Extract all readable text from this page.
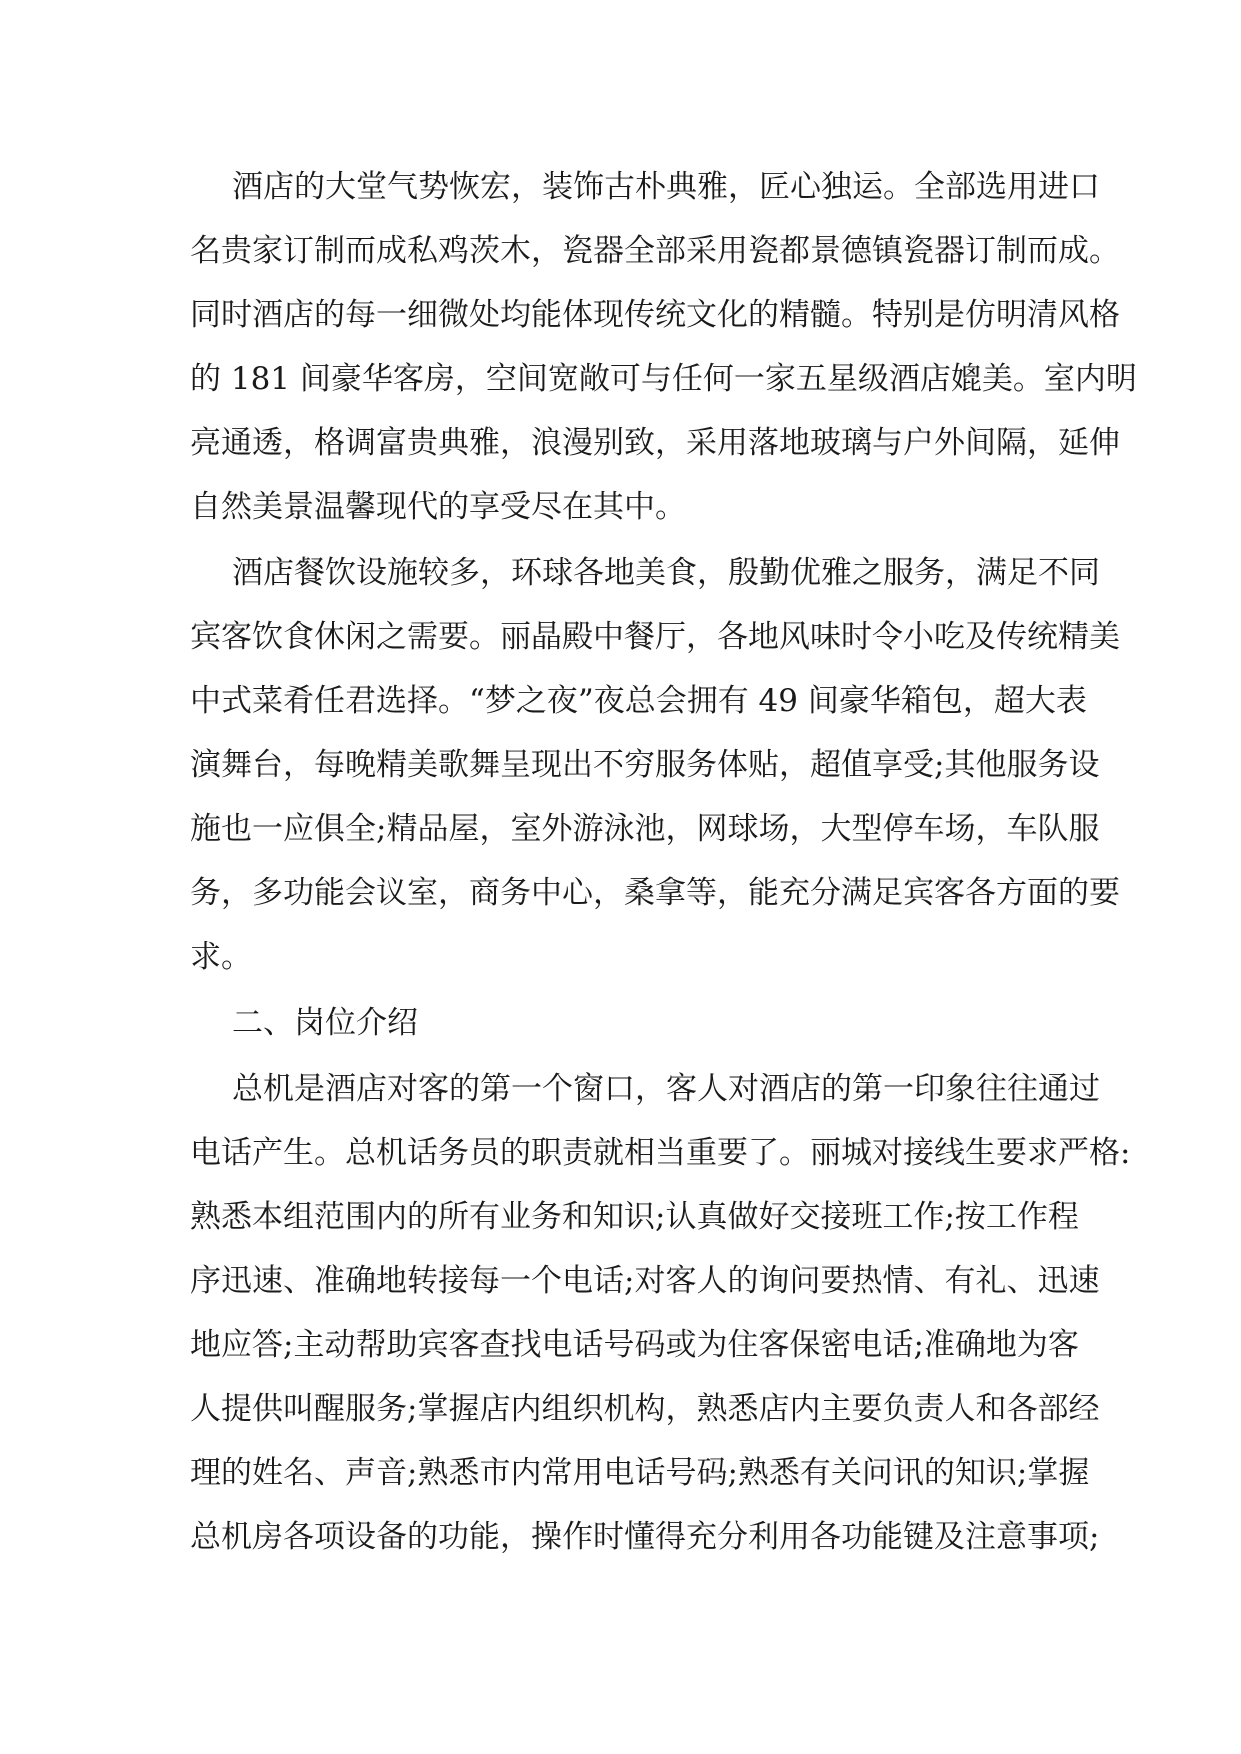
酒店的大堂气势恢宏，装饰古朴典雅，匠心独运。全部选用进口
名贵家订制而成私鸡茨木，瓷器全部采用瓷都景德镇瓷器订制而成。
同时酒店的每一细微处均能体现传统文化的精髓。特别是仿明清风格
的 181 间豪华客房，空间宽敞可与任何一家五星级酒店媲美。室内明
亮通透，格调富贵典雅，浪漫别致，采用落地玻璃与户外间隔，延伸
自然美景温馨现代的享受尽在其中。
酒店餐饮设施较多，环球各地美食，殷勤优雅之服务，满足不同
宾客饮食休闲之需要。丽晶殿中餐厅，各地风味时令小吃及传统精美
中式菜肴任君选择。“梦之夜”夜总会拥有 49 间豪华箱包，超大表
演舞台，每晚精美歌舞呈现出不穷服务体贴，超值享受;其他服务设
施也一应俱全;精品屋，室外游泳池，网球场，大型停车场，车队服
务，多功能会议室，商务中心，桑拿等，能充分满足宾客各方面的要
求。
二、岗位介绍
总机是酒店对客的第一个窗口，客人对酒店的第一印象往往通过
电话产生。总机话务员的职责就相当重要了。丽城对接线生要求严格:
熟悉本组范围内的所有业务和知识;认真做好交接班工作;按工作程
序迅速、准确地转接每一个电话;对客人的询问要热情、有礼、迅速
地应答;主动帮助宾客查找电话号码或为住客保密电话;准确地为客
人提供叫醒服务;掌握店内组织机构，熟悉店内主要负责人和各部经
理的姓名、声音;熟悉市内常用电话号码;熟悉有关问讯的知识;掌握
总机房各项设备的功能，操作时懂得充分利用各功能键及注意事项;
